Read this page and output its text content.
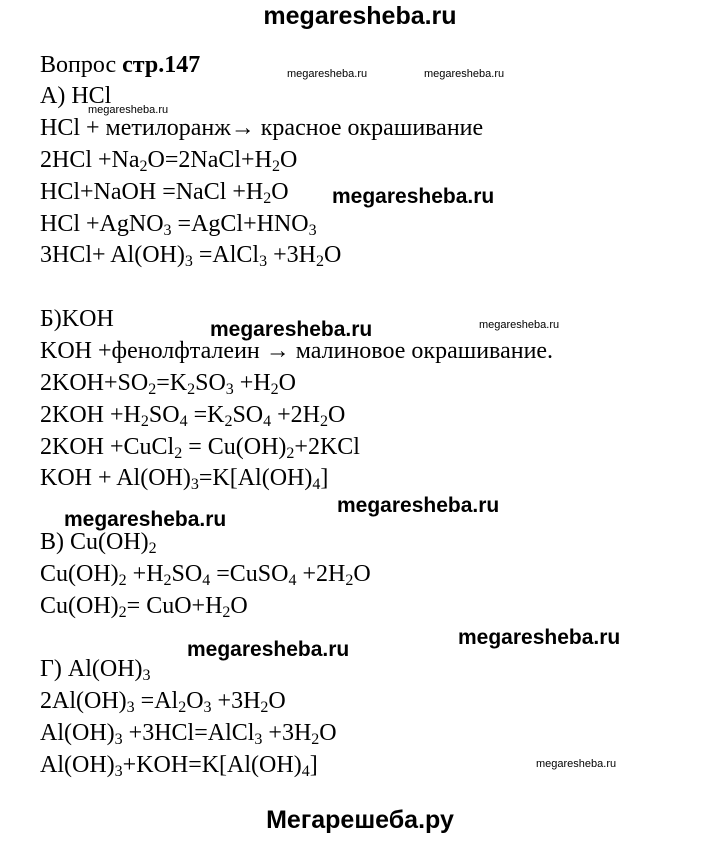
megaresheba.ru
Вопрос стр.147
А) HCl
HCl + метилоранж→ красное окрашивание
$2HCl +Na_2O=2NaCl+H_2O$
HCl+NaOH =NaCl $+H_2O$
HCl +AgNO$_3$ $=AgCl+HNO_3$
$3HCl+ Al(OH)_3$ =AlCl$_3$ $+3H_2O$
Б)KOH
KOH +фенолфталеин → малиновое окрашивание.
$2KOH+SO_2=K_2SO_3 +H_2O$
$2KOH +H_2SO_4 =K_2SO_4 +2H_2O$
2KOH +CuCl$_2$ = $Cu(OH)_2+2KCl$
KOH + $Al(OH)_3=K[Al(OH)_4]$
В) $Cu(OH)_2$
$Cu(OH)_2 +H_2SO_4$ =CuSO$_4$ $+2H_2O$
$Cu(OH)_2= CuO+H_2O$
Г) $Al(OH)_3$
$2Al(OH)_3 =Al_2O_3 +3H_2O$
$Al(OH)_3$ +3HCl=AlCl$_3$ $+3H_2O$
$Al(OH)_3+KOH=K[Al(OH)_4]$
megaresheba.ru	megaresheba.ru
megaresheba.ru
megaresheba.ru
megaresheba.ru	megaresheba.ru
megaresheba.ru
megaresheba.ru
megaresheba.ru
megaresheba.ru
megaresheba.ru
Мегарешеба.ру
